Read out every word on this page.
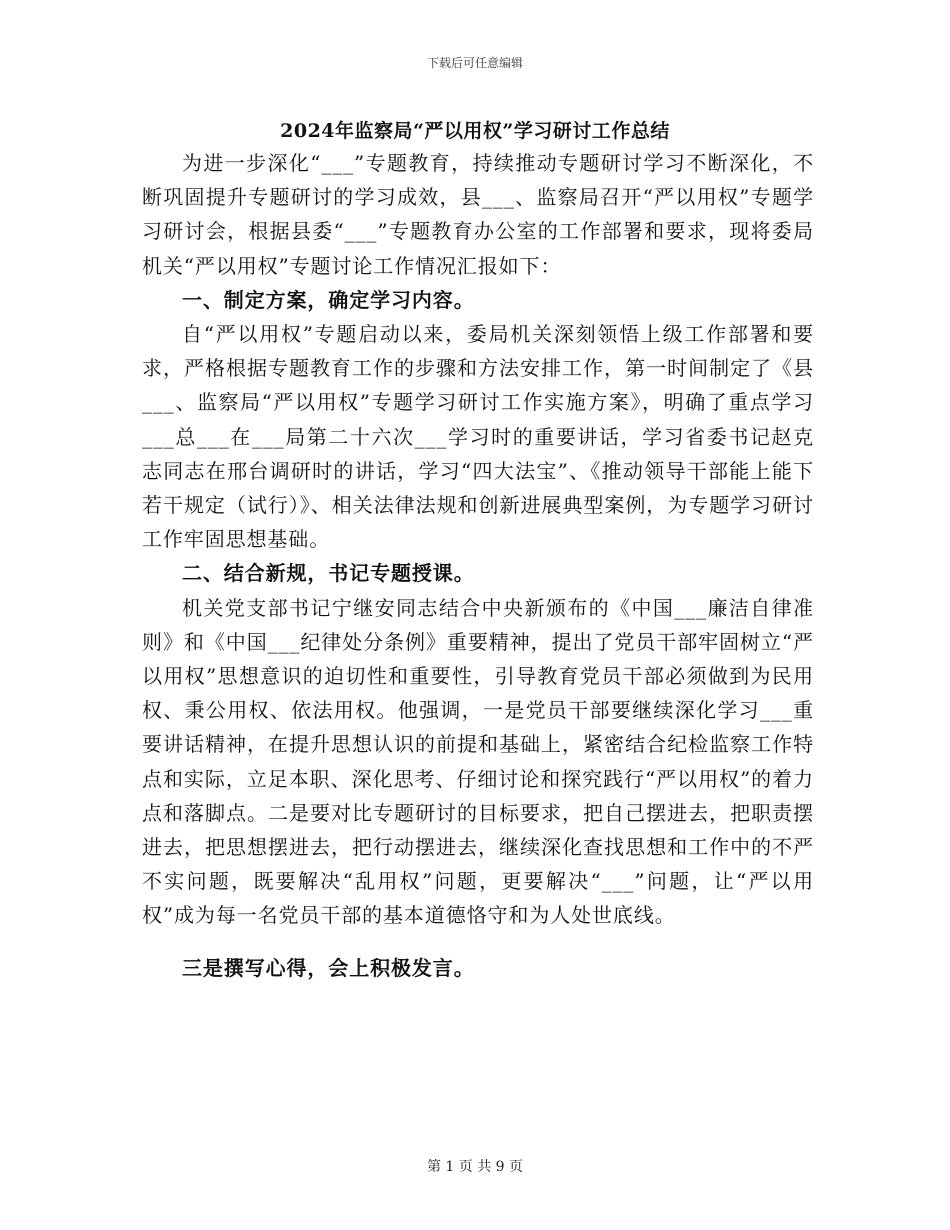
下载后可任意编辑
2024年监察局“严以用权”学习研讨工作总结

为进一步深化“___”专题教育，持续推动专题研讨学习不断深化，不断巩固提升专题研讨的学习成效，县___、监察局召开“严以用权”专题学习研讨会，根据县委“___”专题教育办公室的工作部署和要求，现将委局机关“严以用权”专题讨论工作情况汇报如下：

一、制定方案，确定学习内容。

自“严以用权”专题启动以来，委局机关深刻领悟上级工作部署和要求，严格根据专题教育工作的步骤和方法安排工作，第一时间制定了《县___、监察局“严以用权”专题学习研讨工作实施方案》，明确了重点学习___总___在___局第二十六次___学习时的重要讲话，学习省委书记赵克志同志在邢台调研时的讲话，学习“四大法宝”、《推动领导干部能上能下若干规定（试行）》、相关法律法规和创新进展典型案例，为专题学习研讨工作牢固思想基础。

二、结合新规，书记专题授课。

机关党支部书记宁继安同志结合中央新颁布的《中国___廉洁自律准则》和《中国___纪律处分条例》重要精神，提出了党员干部牢固树立“严以用权”思想意识的迫切性和重要性，引导教育党员干部必须做到为民用权、秉公用权、依法用权。他强调，一是党员干部要继续深化学习___重要讲话精神，在提升思想认识的前提和基础上，紧密结合纪检监察工作特点和实际，立足本职、深化思考、仔细讨论和探究践行“严以用权”的着力点和落脚点。二是要对比专题研讨的目标要求，把自己摆进去，把职责摆进去，把思想摆进去，把行动摆进去，继续深化查找思想和工作中的不严不实问题，既要解决“乱用权”问题，更要解决“___”问题，让“严以用权”成为每一名党员干部的基本道德恪守和为人处世底线。

三是撰写心得，会上积极发言。

第 1 页 共 9 页
